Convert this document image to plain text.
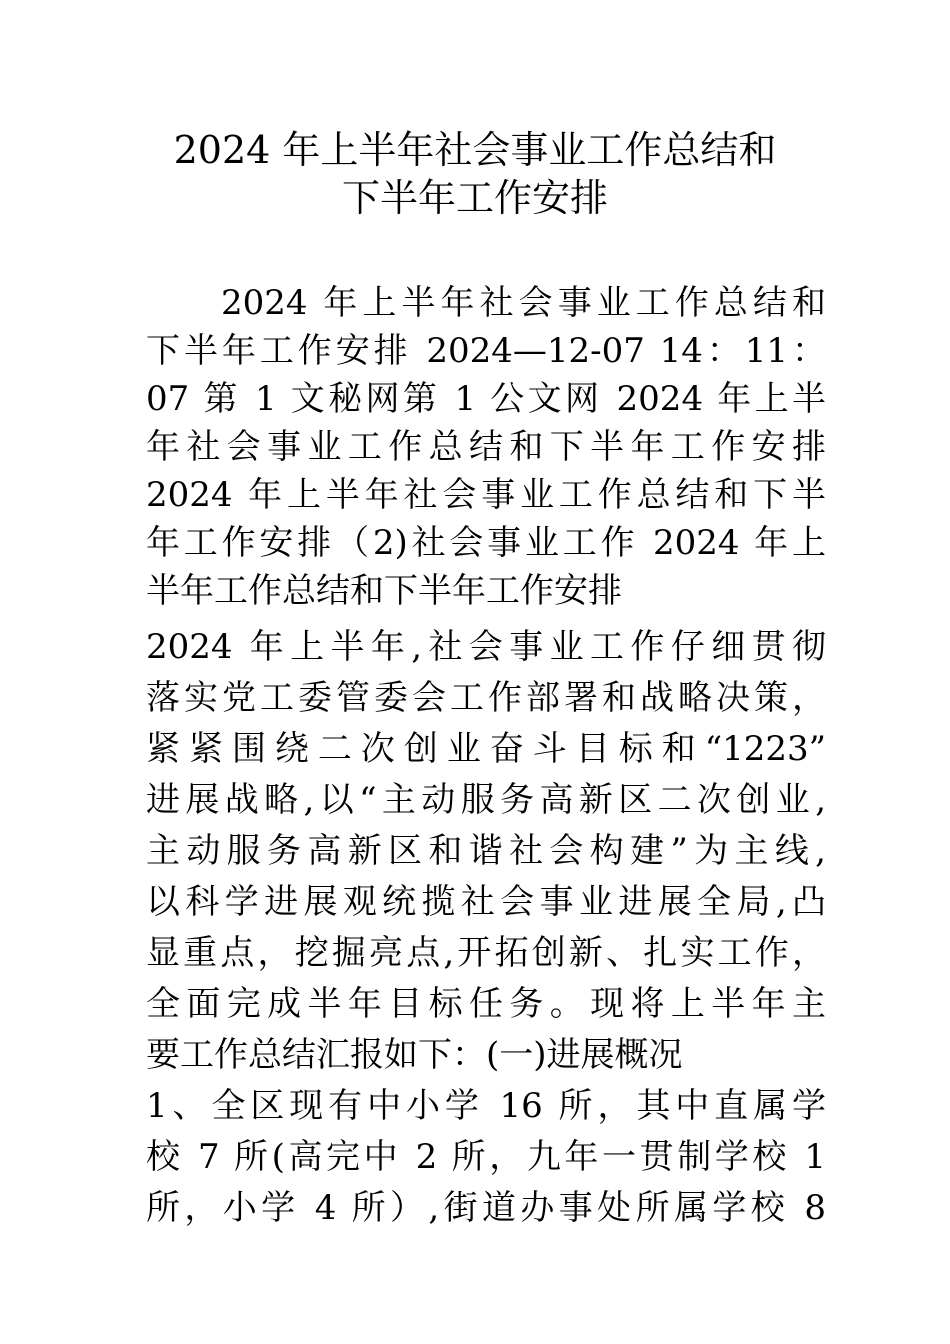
2024 年上半年社会事业工作总结和
下半年工作安排
2024 年上半年社会事业工作总结和
下半年工作安排 2024—12-07 14：11：
07 第 1 文秘网第 1 公文网 2024 年上半
年社会事业工作总结和下半年工作安排
2024 年上半年社会事业工作总结和下半
年工作安排（2)社会事业工作 2024 年上
半年工作总结和下半年工作安排
2024 年上半年,社会事业工作仔细贯彻
落实党工委管委会工作部署和战略决策，
紧紧围绕二次创业奋斗目标和“1223”
进展战略,以“主动服务高新区二次创业,
主动服务高新区和谐社会构建”为主线,
以科学进展观统揽社会事业进展全局,凸
显重点，挖掘亮点,开拓创新、扎实工作，
全面完成半年目标任务。现将上半年主
要工作总结汇报如下：(一)进展概况
1、全区现有中小学 16 所，其中直属学
校 7 所(高完中 2 所，九年一贯制学校 1
所，小学 4 所）,街道办事处所属学校 8
